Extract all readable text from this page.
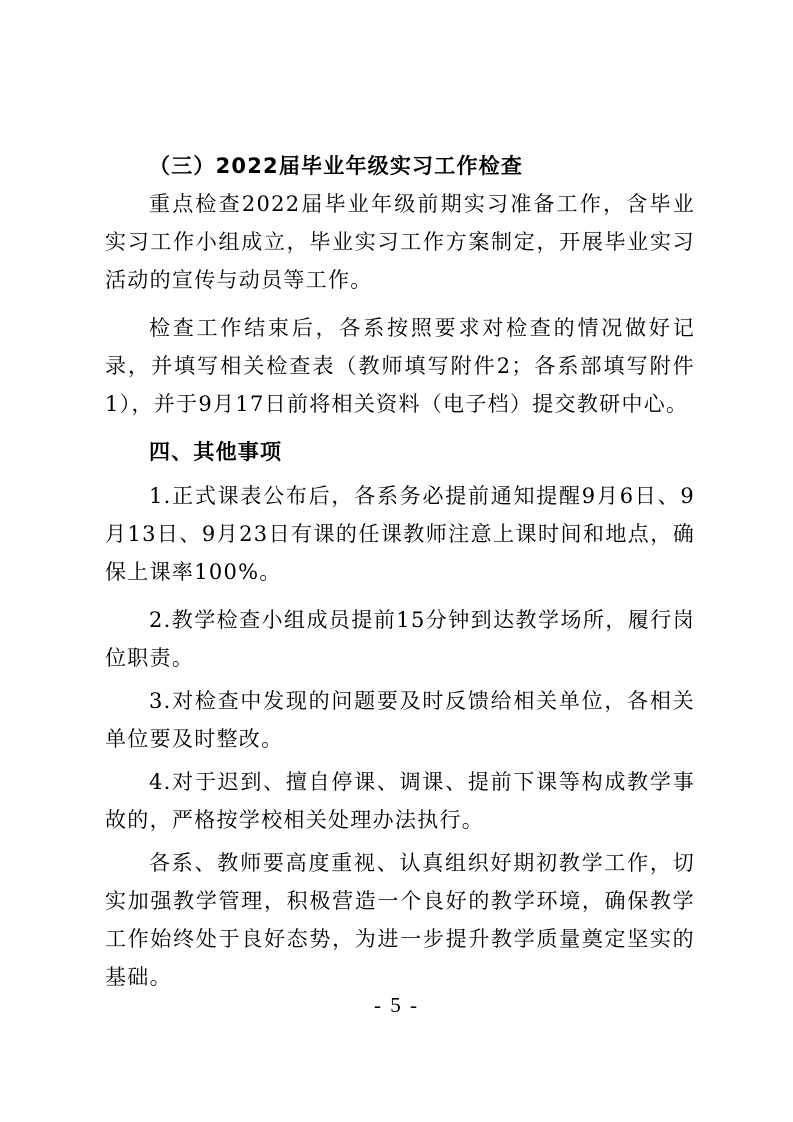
（三）2022届毕业年级实习工作检查

重点检查2022届毕业年级前期实习准备工作，含毕业实习工作小组成立，毕业实习工作方案制定，开展毕业实习活动的宣传与动员等工作。

检查工作结束后，各系按照要求对检查的情况做好记录，并填写相关检查表（教师填写附件2；各系部填写附件1），并于9月17日前将相关资料（电子档）提交教研中心。

四、其他事项

1.正式课表公布后，各系务必提前通知提醒9月6日、9月13日、9月23日有课的任课教师注意上课时间和地点，确保上课率100%。

2.教学检查小组成员提前15分钟到达教学场所，履行岗位职责。

3.对检查中发现的问题要及时反馈给相关单位，各相关单位要及时整改。

4.对于迟到、擅自停课、调课、提前下课等构成教学事故的，严格按学校相关处理办法执行。

各系、教师要高度重视、认真组织好期初教学工作，切实加强教学管理，积极营造一个良好的教学环境，确保教学工作始终处于良好态势，为进一步提升教学质量奠定坚实的基础。

- 5 -
